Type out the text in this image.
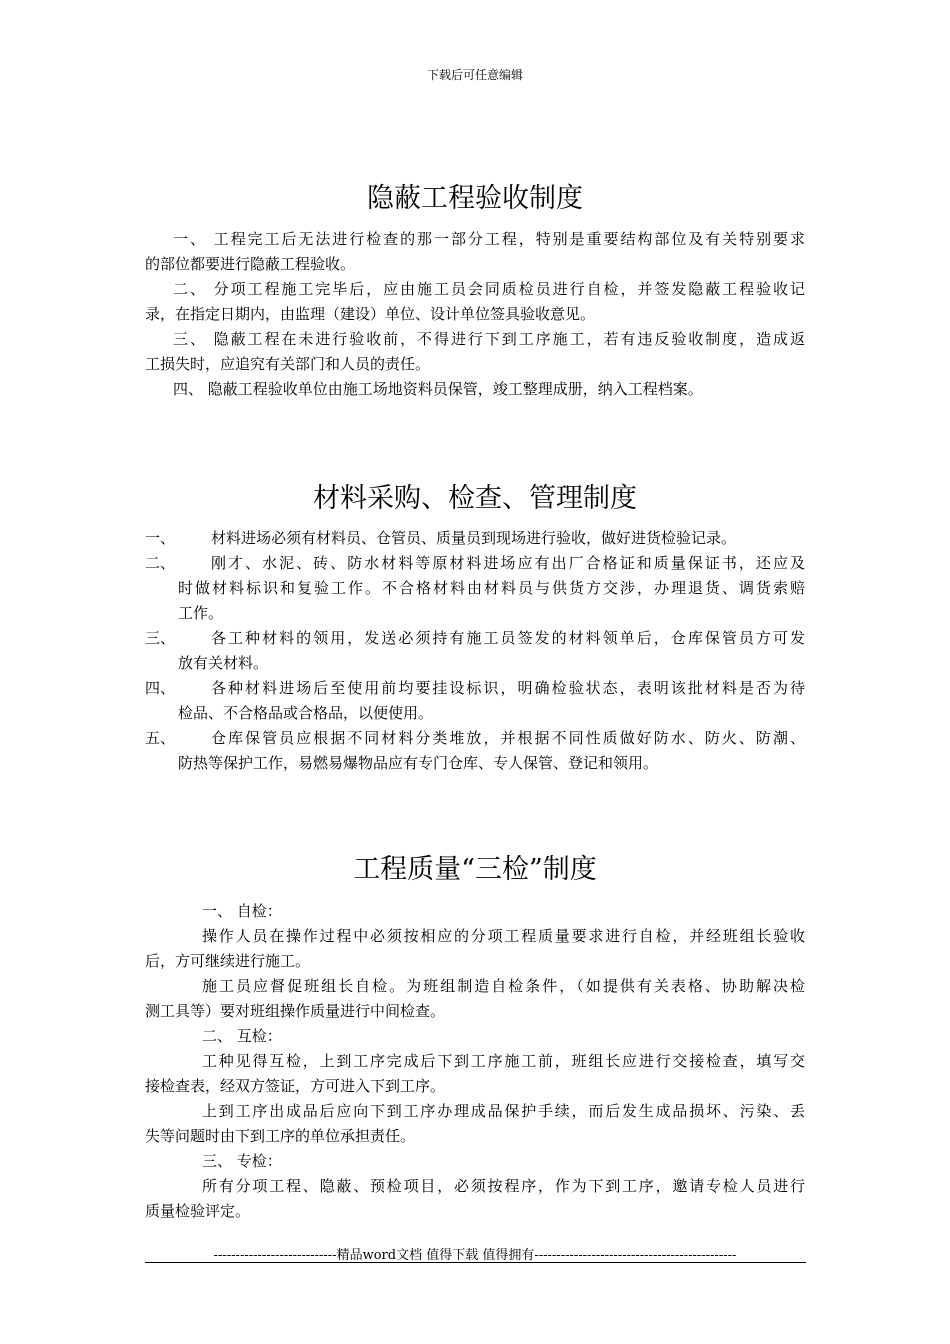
下载后可任意编辑
隐蔽工程验收制度
一、 工程完工后无法进行检查的那一部分工程，特别是重要结构部位及有关特别要求
的部位都要进行隐蔽工程验收。
二、 分项工程施工完毕后，应由施工员会同质检员进行自检，并签发隐蔽工程验收记
录，在指定日期内，由监理（建设）单位、设计单位签具验收意见。
三、 隐蔽工程在未进行验收前，不得进行下到工序施工，若有违反验收制度，造成返
工损失时，应追究有关部门和人员的责任。
四、 隐蔽工程验收单位由施工场地资料员保管，竣工整理成册，纳入工程档案。
材料采购、检查、管理制度
一、 材料进场必须有材料员、仓管员、质量员到现场进行验收，做好进货检验记录。
二、 刚才、水泥、砖、防水材料等原材料进场应有出厂合格证和质量保证书，还应及
时做材料标识和复验工作。不合格材料由材料员与供货方交涉，办理退货、调货索赔
工作。
三、 各工种材料的领用，发送必须持有施工员签发的材料领单后，仓库保管员方可发
放有关材料。
四、 各种材料进场后至使用前均要挂设标识，明确检验状态，表明该批材料是否为待
检品、不合格品或合格品，以便使用。
五、 仓库保管员应根据不同材料分类堆放，并根据不同性质做好防水、防火、防潮、
防热等保护工作，易燃易爆物品应有专门仓库、专人保管、登记和领用。
工程质量“三检”制度
一、 自检：
操作人员在操作过程中必须按相应的分项工程质量要求进行自检，并经班组长验收
后，方可继续进行施工。
施工员应督促班组长自检。为班组制造自检条件，（如提供有关表格、协助解决检
测工具等）要对班组操作质量进行中间检查。
二、 互检：
工种见得互检，上到工序完成后下到工序施工前，班组长应进行交接检查，填写交
接检查表，经双方签证，方可进入下到工序。
上到工序出成品后应向下到工序办理成品保护手续，而后发生成品损坏、污染、丢
失等问题时由下到工序的单位承担责任。
三、 专检：
所有分项工程、隐蔽、预检项目，必须按程序，作为下到工序，邀请专检人员进行
质量检验评定。
----------------------------精品word文档 值得下载 值得拥有----------------------------------------------
